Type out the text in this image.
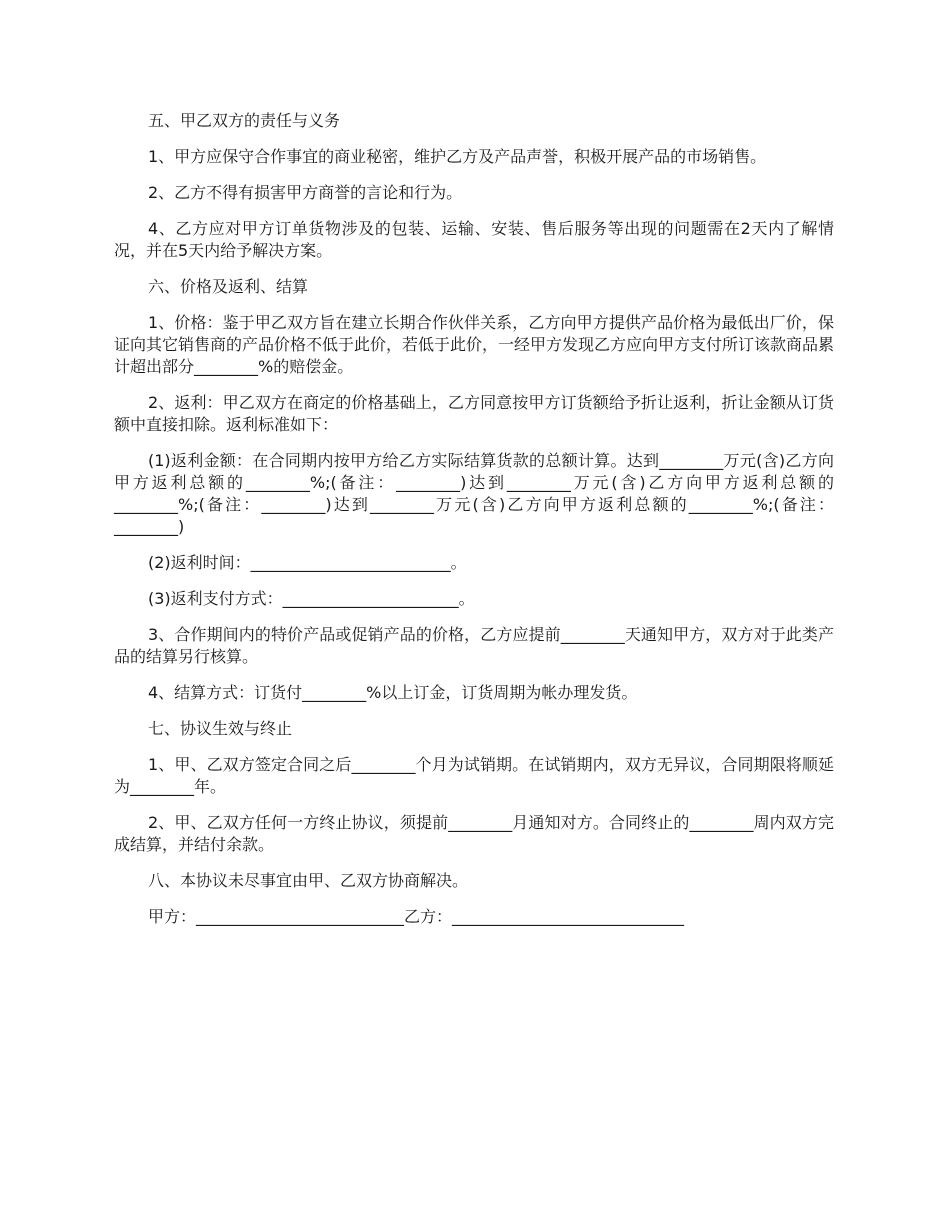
五、甲乙双方的责任与义务

1、甲方应保守合作事宜的商业秘密，维护乙方及产品声誉，积极开展产品的市场销售。

2、乙方不得有损害甲方商誉的言论和行为。

4、乙方应对甲方订单货物涉及的包装、运输、安装、售后服务等出现的问题需在2天内了解情况，并在5天内给予解决方案。

六、价格及返利、结算

1、价格：鉴于甲乙双方旨在建立长期合作伙伴关系，乙方向甲方提供产品价格为最低出厂价，保证向其它销售商的产品价格不低于此价，若低于此价，一经甲方发现乙方应向甲方支付所订该款商品累计超出部分________%的赔偿金。

2、返利：甲乙双方在商定的价格基础上，乙方同意按甲方订货额给予折让返利，折让金额从订货额中直接扣除。返利标准如下：

(1)返利金额：在合同期内按甲方给乙方实际结算货款的总额计算。达到________万元(含)乙方向甲方返利总额的________%;(备注：________)达到________万元(含)乙方向甲方返利总额的________%;(备注：________)达到________万元(含)乙方向甲方返利总额的________%;(备注：________)

(2)返利时间：_________________________。

(3)返利支付方式：______________________。

3、合作期间内的特价产品或促销产品的价格，乙方应提前________天通知甲方，双方对于此类产品的结算另行核算。

4、结算方式：订货付________%以上订金，订货周期为帐办理发货。

七、协议生效与终止

1、甲、乙双方签定合同之后________个月为试销期。在试销期内，双方无异议，合同期限将顺延为________年。

2、甲、乙双方任何一方终止协议，须提前________月通知对方。合同终止的________周内双方完成结算，并结付余款。

八、本协议未尽事宜由甲、乙双方协商解决。

甲方：__________________________乙方：_____________________________
